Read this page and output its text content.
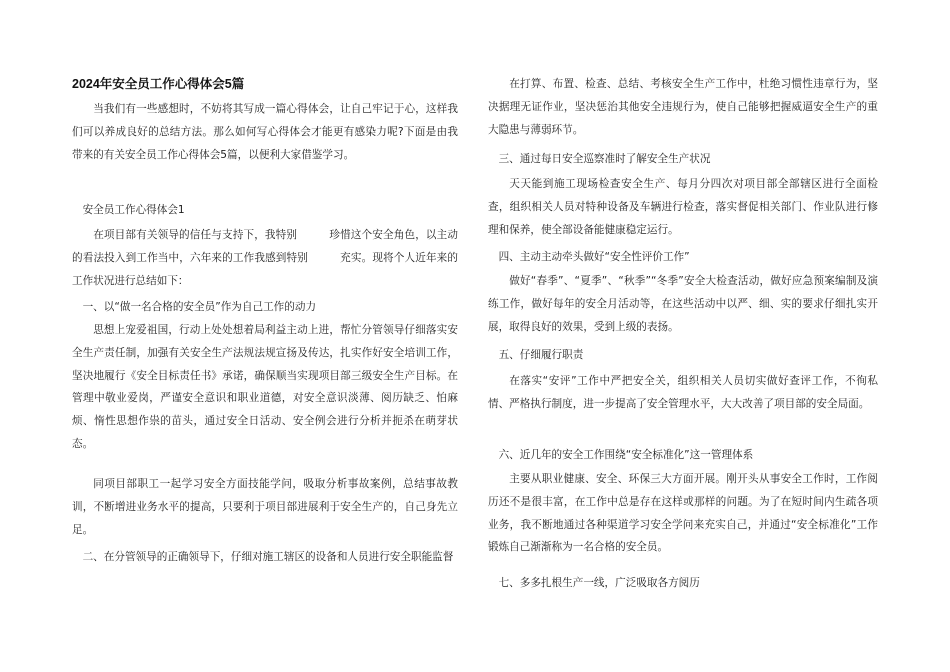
2024年安全员工作心得体会5篇

当我们有一些感想时，不妨将其写成一篇心得体会，让自己牢记于心，这样我们可以养成良好的总结方法。那么如何写心得体会才能更有感染力呢?下面是由我带来的有关安全员工作心得体会5篇，以便利大家借鉴学习。

安全员工作心得体会1

在项目部有关领导的信任与支持下，我特别　　　珍惜这个安全角色，以主动的看法投入到工作当中，六年来的工作我感到特别　　　充实。现将个人近年来的工作状况进行总结如下：

一、以“做一名合格的安全员”作为自己工作的动力

思想上宠爱祖国，行动上处处想着局利益主动上进，帮忙分管领导仔细落实安全生产责任制，加强有关安全生产法规法规宣扬及传达，扎实作好安全培训工作，坚决地履行《安全目标责任书》承诺，确保顺当实现项目部三级安全生产目标。在管理中敬业爱岗，严谨安全意识和职业道德，对安全意识淡薄、阅历缺乏、怕麻烦、惰性思想作祟的苗头，通过安全日活动、安全例会进行分析并扼杀在萌芽状态。

同项目部职工一起学习安全方面技能学问，吸取分析事故案例，总结事故教训，不断增进业务水平的提高，只要利于项目部进展利于安全生产的，自己身先立足。

二、在分管领导的正确领导下，仔细对施工辖区的设备和人员进行安全职能监督

在打算、布置、检查、总结、考核安全生产工作中，杜绝习惯性违章行为，坚决据理无证作业，坚决惩治其他安全违规行为，使自己能够把握威逼安全生产的重大隐患与薄弱环节。

三、通过每日安全巡察准时了解安全生产状况

天天能到施工现场检查安全生产、每月分四次对项目部全部辖区进行全面检查，组织相关人员对特种设备及车辆进行检查，落实督促相关部门、作业队进行修理和保养，使全部设备能健康稳定运行。

四、主动主动牵头做好“安全性评价工作”

做好“春季”、“夏季”、“秋季”“冬季”安全大检查活动，做好应急预案编制及演练工作，做好每年的安全月活动等，在这些活动中以严、细、实的要求仔细扎实开展，取得良好的效果，受到上级的表扬。

五、仔细履行职责

在落实“安评”工作中严把安全关，组织相关人员切实做好查评工作，不徇私情、严格执行制度，进一步提高了安全管理水平，大大改善了项目部的安全局面。

六、近几年的安全工作围绕“安全标准化”这一管理体系

主要从职业健康、安全、环保三大方面开展。刚开头从事安全工作时，工作阅历还不是很丰富，在工作中总是存在这样或那样的问题。为了在短时间内生疏各项业务，我不断地通过各种渠道学习安全学问来充实自己，并通过“安全标准化”工作锻炼自己渐渐称为一名合格的安全员。

七、多多扎根生产一线，广泛吸取各方阅历
